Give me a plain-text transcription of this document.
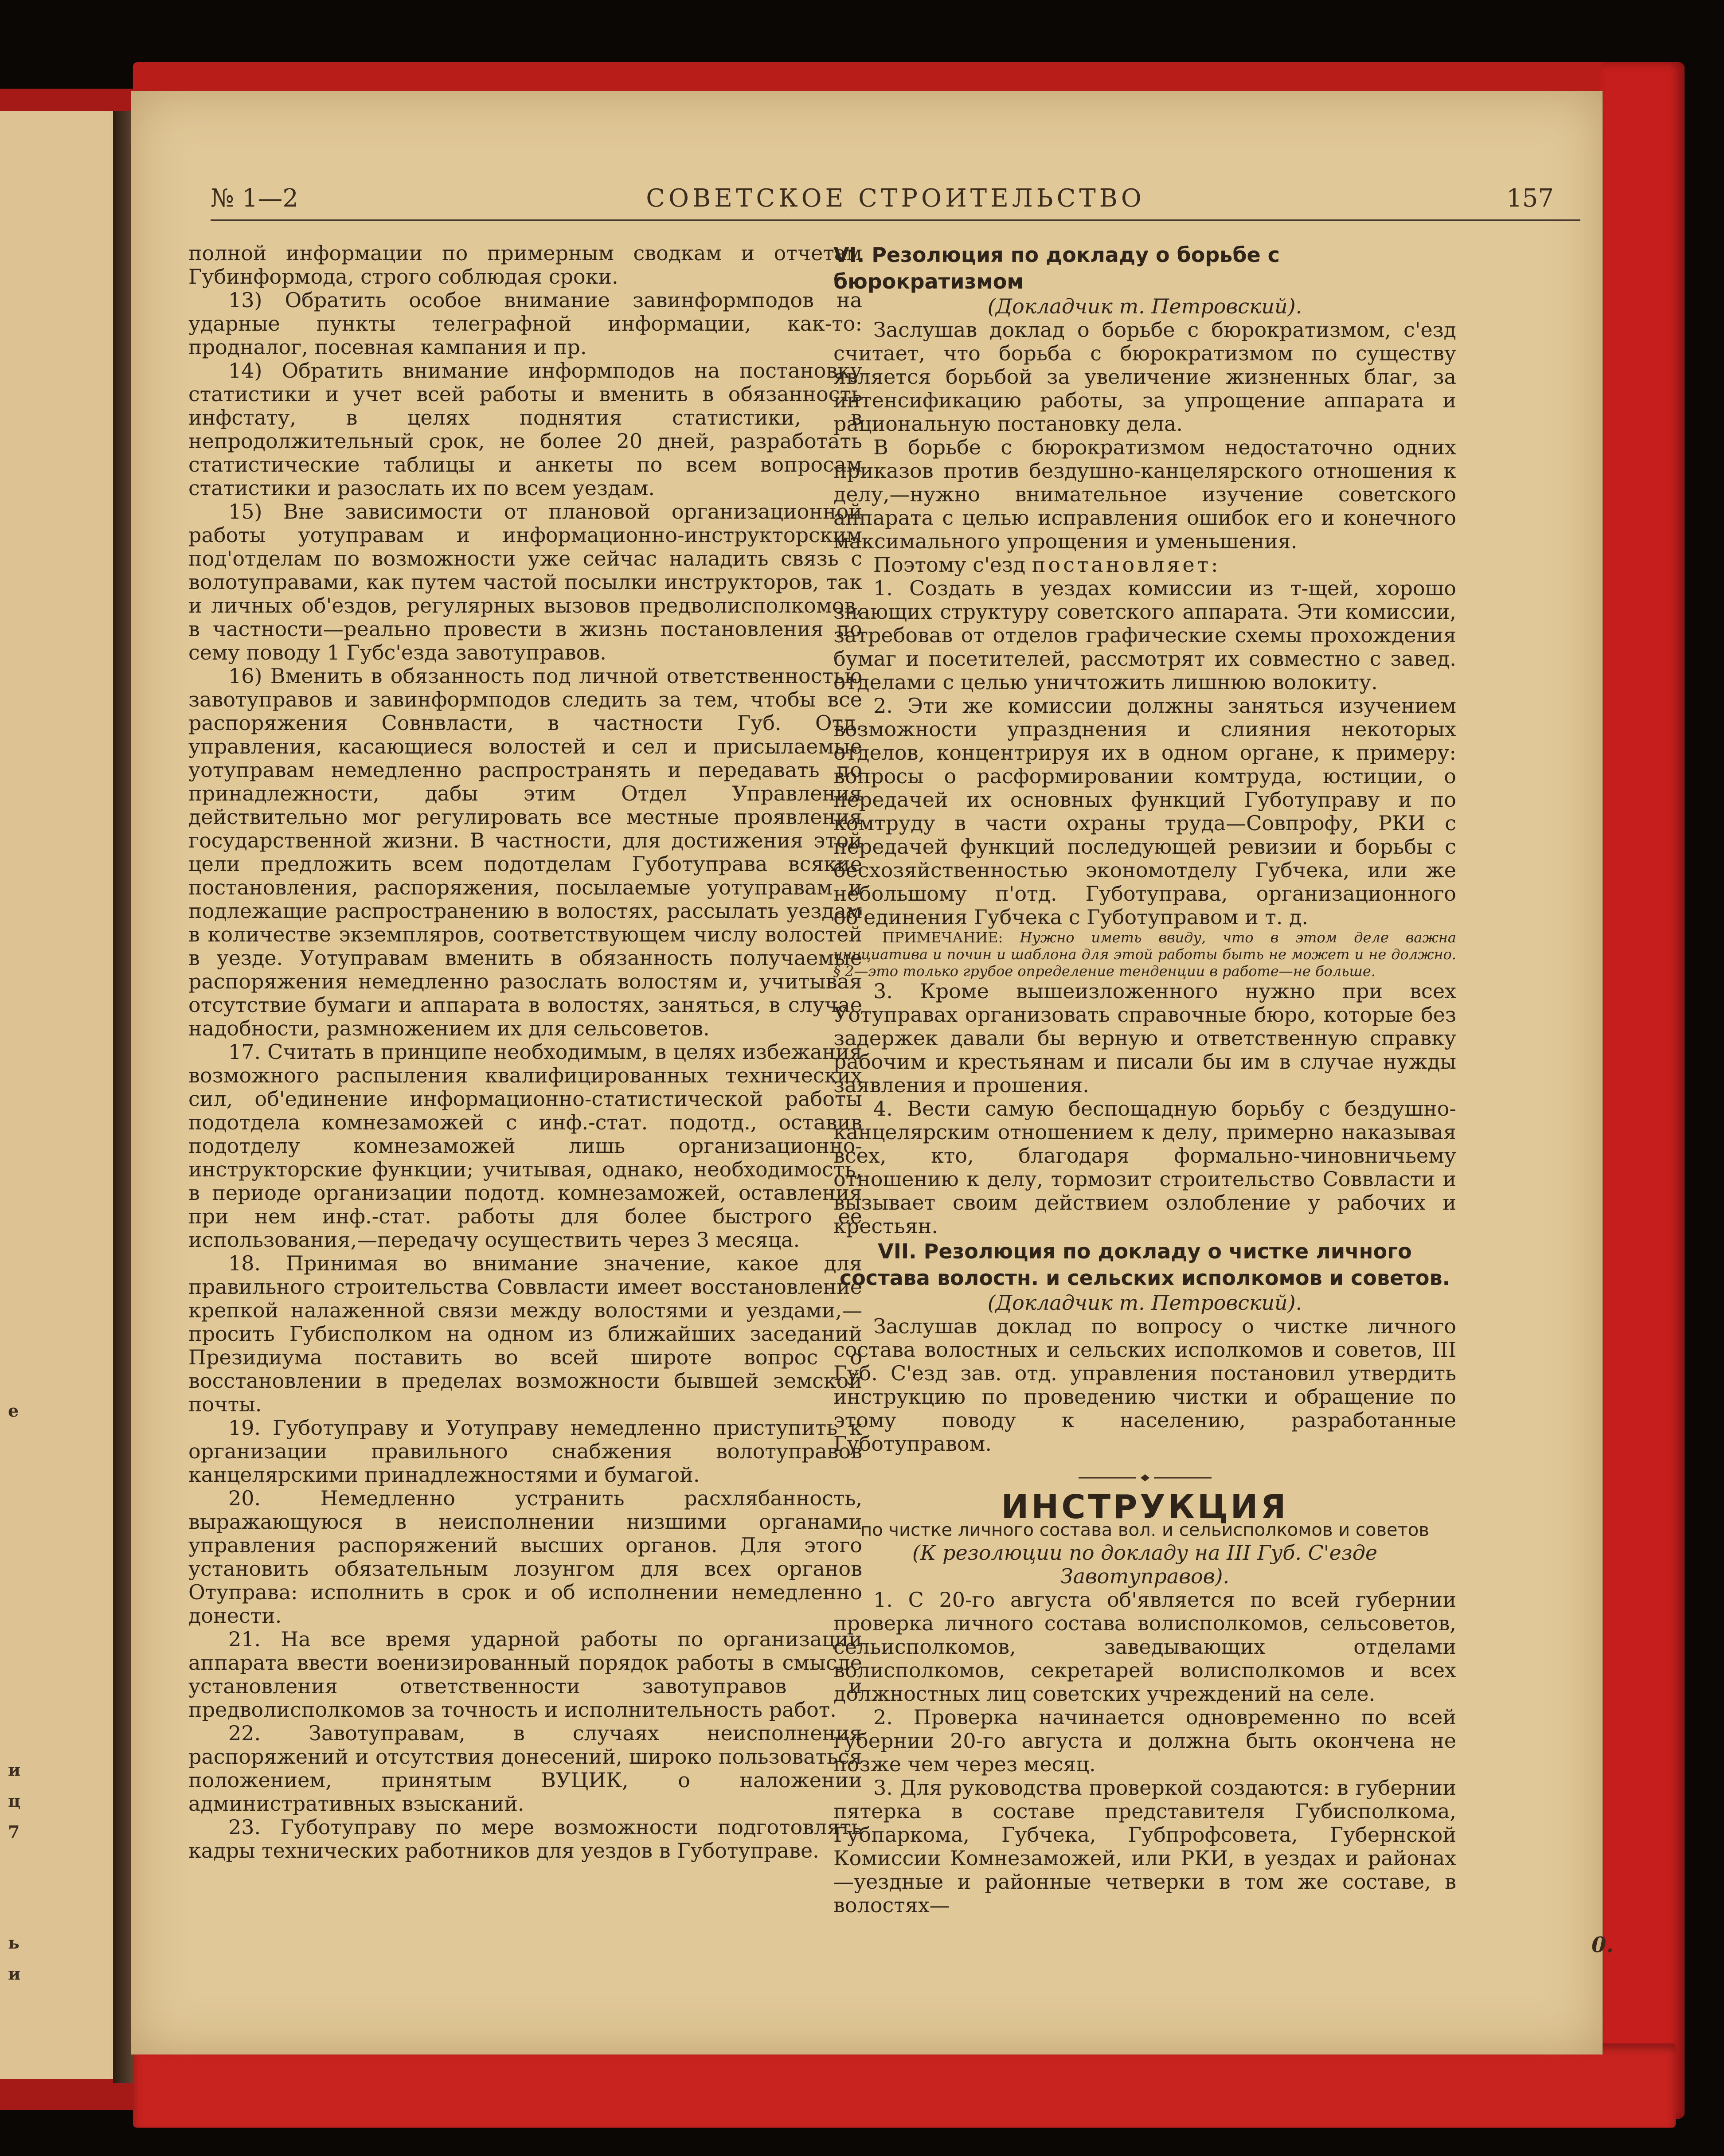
е
и
ц
7
ь
и
№ 1—2	СОВЕТСКОЕ СТРОИТЕЛЬСТВО	157

полной информации по примерным сводкам и отчетам Губинформода, строго соблюдая сроки.

13) Обратить особое внимание завинформподов на ударные пункты телеграфной информации, как-то: продналог, посевная кампания и пр.

14) Обратить внимание информподов на постановку статистики и учет всей работы и вменить в обязанность инфстату, в целях поднятия статистики, в непродолжительный срок, не более 20 дней, разработать статистические таблицы и анкеты по всем вопросам статистики и разослать их по всем уездам.

15) Вне зависимости от плановой организационной работы уотуправам и информационно-инструкторским под'отделам по возможности уже сейчас наладить связь с волотуправами, как путем частой посылки инструкторов, так и личных об'ездов, регулярных вызовов предволисполкомов, в частности—реально провести в жизнь постановления по сему поводу 1 Губс'езда завотуправов.

16) Вменить в обязанность под личной ответственностью завотуправов и завинформподов следить за тем, чтобы все распоряжения Совнвласти, в частности Губ. Отд. управления, касающиеся волостей и сел и присылаемые уотуправам немедленно распространять и передавать по принадлежности, дабы этим Отдел Управления действительно мог регулировать все местные проявления государственной жизни. В частности, для достижения этой цели предложить всем подотделам Губотуправа всякие постановления, распоряжения, посылаемые уотуправам и подлежащие распространению в волостях, рассылать уездам в количестве экземпляров, соответствующем числу волостей в уезде. Уотуправам вменить в обязанность получаемые распоряжения немедленно разослать волостям и, учитывая отсутствие бумаги и аппарата в волостях, заняться, в случае надобности, размножением их для сельсоветов.

17. Считать в принципе необходимым, в целях избежания возможного распыления квалифицированных технических сил, об'единение информационно-статистической работы подотдела комнезаможей с инф.-стат. подотд., оставив подотделу комнезаможей лишь организационно-инструкторские функции; учитывая, однако, необходимость, в периоде организации подотд. комнезаможей, оставления при нем инф.-стат. работы для более быстрого ее использования,—передачу осуществить через 3 месяца.

18. Принимая во внимание значение, какое для правильного строительства Соввласти имеет восстановление крепкой налаженной связи между волостями и уездами,—просить Губисполком на одном из ближайших заседаний Президиума поставить во всей широте вопрос о восстановлении в пределах возможности бывшей земской почты.

19. Губотуправу и Уотуправу немедленно приступить к организации правильного снабжения волотуправов канцелярскими принадлежностями и бумагой.

20. Немедленно устранить расхлябанность, выражающуюся в неисполнении низшими органами управления распоряжений высших органов. Для этого установить обязательным лозунгом для всех органов Отуправа: исполнить в срок и об исполнении немедленно донести.

21. На все время ударной работы по организации аппарата ввести военизированный порядок работы в смысле установления ответственности завотуправов и предволисполкомов за точность и исполнительность работ.

22. Завотуправам, в случаях неисполнения распоряжений и отсутствия донесений, широко пользоваться положением, принятым ВУЦИК, о наложении административных взысканий.

23. Губотуправу по мере возможности подготовлять кадры технических работников для уездов в Губотуправе.

VI. Резолюция по докладу о борьбе с бюрократизмом

(Докладчик т. Петровский).

Заслушав доклад о борьбе с бюрократизмом, с'езд считает, что борьба с бюрократизмом по существу является борьбой за увеличение жизненных благ, за интенсификацию работы, за упрощение аппарата и рациональную постановку дела.

В борьбе с бюрократизмом недостаточно одних приказов против бездушно-канцелярского отношения к делу,—нужно внимательное изучение советского аппарата с целью исправления ошибок его и конечного максимального упрощения и уменьшения.

Поэтому с'езд постановляет:

1. Создать в уездах комиссии из т-щей, хорошо знающих структуру советского аппарата. Эти комиссии, затребовав от отделов графические схемы прохождения бумаг и посетителей, рассмотрят их совместно с завед. отделами с целью уничтожить лишнюю волокиту.

2. Эти же комиссии должны заняться изучением возможности упразднения и слияния некоторых отделов, концентрируя их в одном органе, к примеру: вопросы о расформировании комтруда, юстиции, о передачей их основных функций Губотуправу и по комтруду в части охраны труда—Совпрофу, РКИ с передачей функций последующей ревизии и борьбы с бесхозяйственностью экономотделу Губчека, или же небольшому п'отд. Губотуправа, организационного об'единения Губчека с Губотуправом и т. д.

ПРИМЕЧАНИЕ: Нужно иметь ввиду, что в этом деле важна инициатива и почин и шаблона для этой работы быть не может и не должно. § 2—это только грубое определение тенденции в работе—не больше.

3. Кроме вышеизложенного нужно при всех Уотуправах организовать справочные бюро, которые без задержек давали бы верную и ответственную справку рабочим и крестьянам и писали бы им в случае нужды заявления и прошения.

4. Вести самую беспощадную борьбу с бездушно-канцелярским отношением к делу, примерно наказывая всех, кто, благодаря формально-чиновничьему отношению к делу, тормозит строительство Соввласти и вызывает своим действием озлобление у рабочих и крестьян.

VII. Резолюция по докладу о чистке личного состава волостн. и сельских исполкомов и советов.

(Докладчик т. Петровский).

Заслушав доклад по вопросу о чистке личного состава волостных и сельских исполкомов и советов, III Губ. С'езд зав. отд. управления постановил утвердить инструкцию по проведению чистки и обращение по этому поводу к населению, разработанные Губотуправом.

ИНСТРУКЦИЯ

по чистке личного состава вол. и сельисполкомов и советов

(К резолюции по докладу на III Губ. С'езде Завотуправов).

1. С 20-го августа об'является по всей губернии проверка личного состава волисполкомов, сельсоветов, сельисполкомов, заведывающих отделами волисполкомов, секретарей волисполкомов и всех должностных лиц советских учреждений на селе.

2. Проверка начинается одновременно по всей губернии 20-го августа и должна быть окончена не позже чем через месяц.

3. Для руководства проверкой создаются: в губернии пятерка в составе представителя Губисполкома, Губпаркома, Губчека, Губпрофсовета, Губернской Комиссии Комнезаможей, или РКИ, в уездах и районах—уездные и районные четверки в том же составе, в волостях—

0.
